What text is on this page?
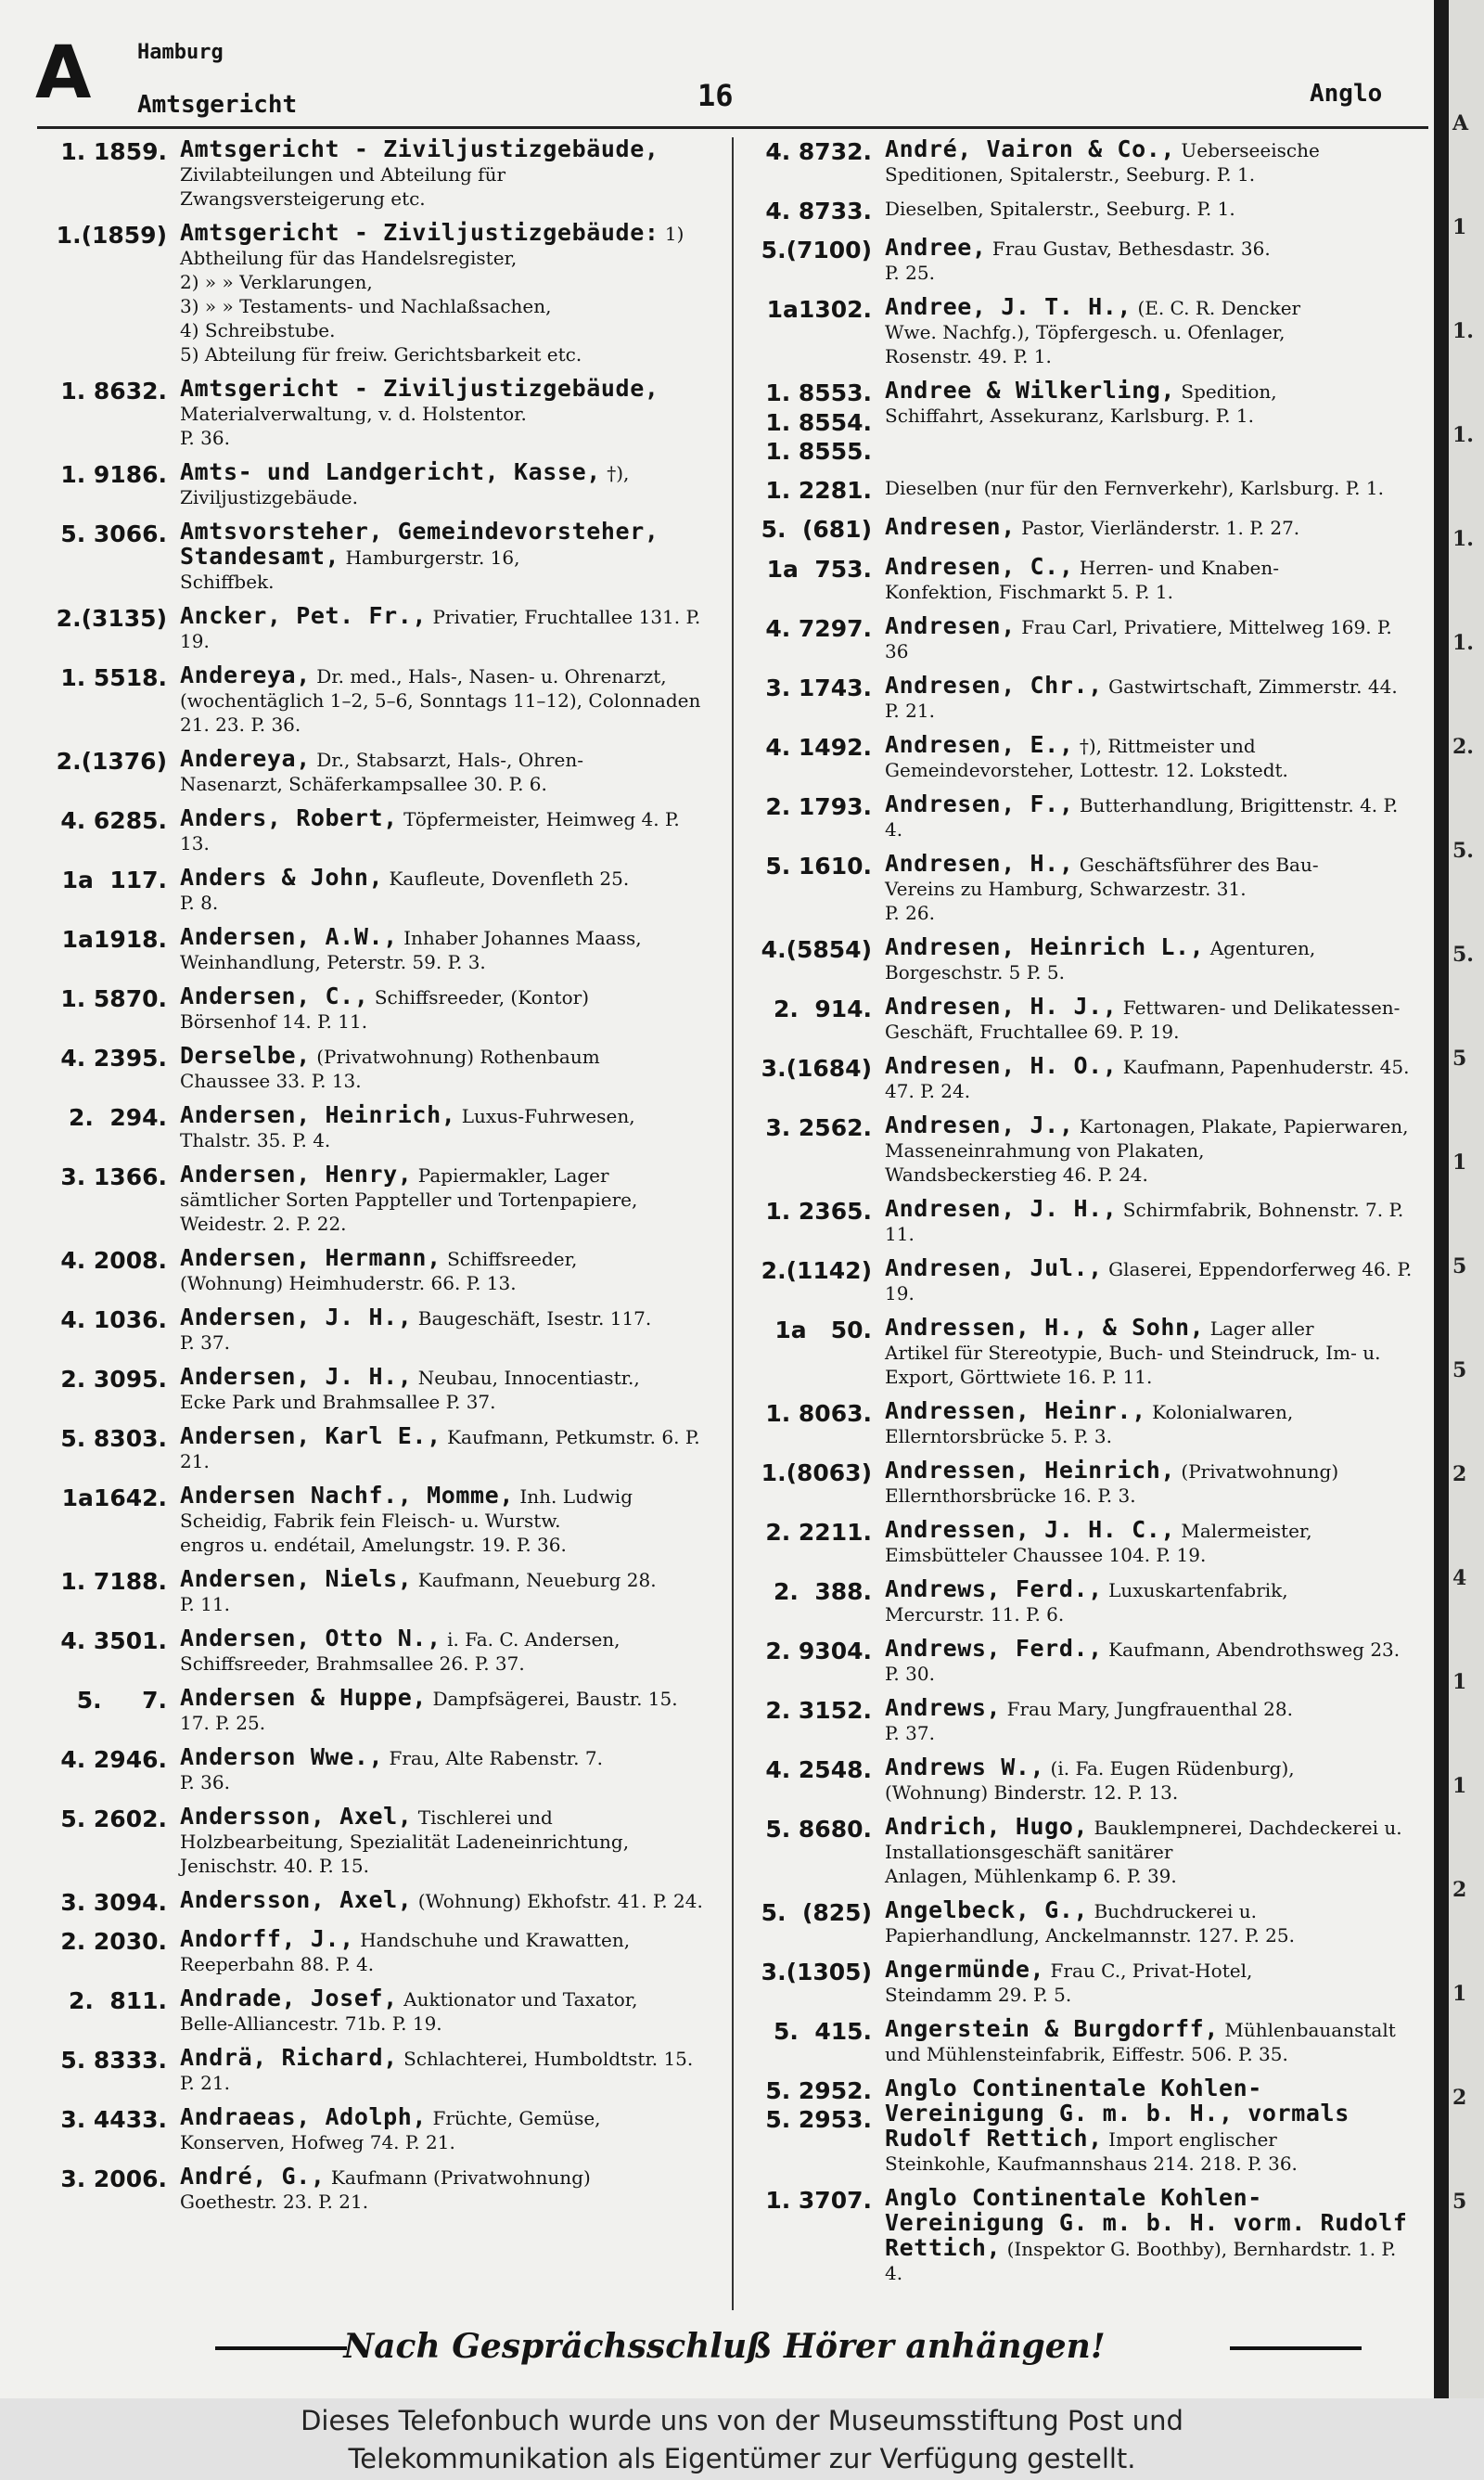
A Hamburg
Amtsgericht	16	Anglo
1. 1859. Amtsgericht - Ziviljustizgebäude, Zivilabteilungen und Abteilung für
Zwangsversteigerung etc.
1.(1859) Amtsgericht - Ziviljustizgebäude: 1) Abtheilung für das Handelsregister,
2) » » Verklarungen,
3) » » Testaments- und Nachlaßsachen,
4) Schreibstube.
5) Abteilung für freiw. Gerichtsbarkeit etc.
1. 8632. Amtsgericht - Ziviljustizgebäude, Materialverwaltung, v. d. Holstentor.
P. 36.
1. 9186. Amts- und Landgericht, Kasse, †),
Ziviljustizgebäude.
5. 3066. Amtsvorsteher, Gemeindevorsteher, Standesamt, Hamburgerstr. 16,
Schiffbek.
2.(3135) Ancker, Pet. Fr., Privatier, Fruchtallee 131. P. 19.
1. 5518. Andereya, Dr. med., Hals-, Nasen- u. Ohrenarzt, (wochentäglich 1–2, 5–6, Sonntags 11–12), Colonnaden 21. 23. P. 36.
2.(1376) Andereya, Dr., Stabsarzt, Hals-, Ohren-
Nasenarzt, Schäferkampsallee 30. P. 6.
4. 6285. Anders, Robert, Töpfermeister, Heimweg 4. P. 13.
1a  117. Anders & John, Kaufleute, Dovenfleth 25.
P. 8.
1a1918. Andersen, A.W., Inhaber Johannes Maass,
Weinhandlung, Peterstr. 59. P. 3.
1. 5870. Andersen, C., Schiffsreeder, (Kontor)
Börsenhof 14. P. 11.
4. 2395. Derselbe, (Privatwohnung) Rothenbaum
Chaussee 33. P. 13.
2.  294. Andersen, Heinrich, Luxus-Fuhrwesen,
Thalstr. 35. P. 4.
3. 1366. Andersen, Henry, Papiermakler, Lager
sämtlicher Sorten Pappteller und Tortenpapiere, Weidestr. 2. P. 22.
4. 2008. Andersen, Hermann, Schiffsreeder,
(Wohnung) Heimhuderstr. 66. P. 13.
4. 1036. Andersen, J. H., Baugeschäft, Isestr. 117.
P. 37.
2. 3095. Andersen, J. H., Neubau, Innocentiastr.,
Ecke Park und Brahmsallee P. 37.
5. 8303. Andersen, Karl E., Kaufmann, Petkumstr. 6. P. 21.
1a1642. Andersen Nachf., Momme, Inh. Ludwig
Scheidig, Fabrik fein Fleisch- u. Wurstw.
engros u. endétail, Amelungstr. 19. P. 36.
1. 7188. Andersen, Niels, Kaufmann, Neueburg 28.
P. 11.
4. 3501. Andersen, Otto N., i. Fa. C. Andersen,
Schiffsreeder, Brahmsallee 26. P. 37.
5.     7. Andersen & Huppe, Dampfsägerei, Baustr. 15. 17. P. 25.
4. 2946. Anderson Wwe., Frau, Alte Rabenstr. 7.
P. 36.
5. 2602. Andersson, Axel, Tischlerei und Holzbearbeitung, Spezialität Ladeneinrichtung, Jenischstr. 40. P. 15.
3. 3094. Andersson, Axel, (Wohnung) Ekhofstr. 41. P. 24.
2. 2030. Andorff, J., Handschuhe und Krawatten,
Reeperbahn 88. P. 4.
2.  811. Andrade, Josef, Auktionator und Taxator,
Belle-Alliancestr. 71b. P. 19.
5. 8333. Andrä, Richard, Schlachterei, Humboldtstr. 15. P. 21.
3. 4433. Andraeas, Adolph, Früchte, Gemüse,
Konserven, Hofweg 74. P. 21.
3. 2006. André, G., Kaufmann (Privatwohnung)
Goethestr. 23. P. 21.
4. 8732. André, Vairon & Co., Ueberseeische
Speditionen, Spitalerstr., Seeburg. P. 1.
4. 8733. Dieselben, Spitalerstr., Seeburg. P. 1.
5.(7100) Andree, Frau Gustav, Bethesdastr. 36.
P. 25.
1a1302. Andree, J. T. H., (E. C. R. Dencker
Wwe. Nachfg.), Töpfergesch. u. Ofenlager,
Rosenstr. 49. P. 1.
1. 8553.
1. 8554.
1. 8555.
Andree & Wilkerling, Spedition,
Schiffahrt, Assekuranz, Karlsburg. P. 1.
1. 2281. Dieselben (nur für den Fernverkehr), Karlsburg. P. 1.
5.  (681) Andresen, Pastor, Vierländerstr. 1. P. 27.
1a  753. Andresen, C., Herren- und Knaben-
Konfektion, Fischmarkt 5. P. 1.
4. 7297. Andresen, Frau Carl, Privatiere, Mittelweg 169. P. 36
3. 1743. Andresen, Chr., Gastwirtschaft, Zimmerstr. 44. P. 21.
4. 1492. Andresen, E., †), Rittmeister und Gemeindevorsteher, Lottestr. 12. Lokstedt.
2. 1793. Andresen, F., Butterhandlung, Brigittenstr. 4. P. 4.
5. 1610. Andresen, H., Geschäftsführer des Bau-
Vereins zu Hamburg, Schwarzestr. 31.
P. 26.
4.(5854) Andresen, Heinrich L., Agenturen,
Borgeschstr. 5 P. 5.
2.  914. Andresen, H. J., Fettwaren- und Delikatessen-Geschäft, Fruchtallee 69. P. 19.
3.(1684) Andresen, H. O., Kaufmann, Papenhuderstr. 45. 47. P. 24.
3. 2562. Andresen, J., Kartonagen, Plakate, Papierwaren, Masseneinrahmung von Plakaten,
Wandsbeckerstieg 46. P. 24.
1. 2365. Andresen, J. H., Schirmfabrik, Bohnenstr. 7. P. 11.
2.(1142) Andresen, Jul., Glaserei, Eppendorferweg 46. P. 19.
1a   50. Andressen, H., & Sohn, Lager aller
Artikel für Stereotypie, Buch- und Steindruck, Im- u. Export, Görttwiete 16. P. 11.
1. 8063. Andressen, Heinr., Kolonialwaren,
Ellerntorsbrücke 5. P. 3.
1.(8063) Andressen, Heinrich, (Privatwohnung)
Ellernthorsbrücke 16. P. 3.
2. 2211. Andressen, J. H. C., Malermeister,
Eimsbütteler Chaussee 104. P. 19.
2.  388. Andrews, Ferd., Luxuskartenfabrik,
Mercurstr. 11. P. 6.
2. 9304. Andrews, Ferd., Kaufmann, Abendrothsweg 23. P. 30.
2. 3152. Andrews, Frau Mary, Jungfrauenthal 28.
P. 37.
4. 2548. Andrews W., (i. Fa. Eugen Rüdenburg),
(Wohnung) Binderstr. 12. P. 13.
5. 8680. Andrich, Hugo, Bauklempnerei, Dachdeckerei u. Installationsgeschäft sanitärer
Anlagen, Mühlenkamp 6. P. 39.
5.  (825) Angelbeck, G., Buchdruckerei u. Papierhandlung, Anckelmannstr. 127. P. 25.
3.(1305) Angermünde, Frau C., Privat-Hotel,
Steindamm 29. P. 5.
5.  415. Angerstein & Burgdorff, Mühlenbauanstalt und Mühlensteinfabrik, Eiffestr. 506. P. 35.
5. 2952.
5. 2953.
Anglo Continentale Kohlen-Vereinigung G. m. b. H., vormals Rudolf Rettich, Import englischer
Steinkohle, Kaufmannshaus 214. 218. P. 36.
1. 3707. Anglo Continentale Kohlen-Vereinigung G. m. b. H. vorm. Rudolf Rettich, (Inspektor G. Boothby), Bernhardstr. 1. P. 4.
Nach Gesprächsschluß Hörer anhängen!
A
1
1.
1.
1.
1.
2.
5.
5.
5
1
5
5
2
4
1
1
2
1
2
5
Dieses Telefonbuch wurde uns von der Museumsstiftung Post und
Telekommunikation als Eigentümer zur Verfügung gestellt.
